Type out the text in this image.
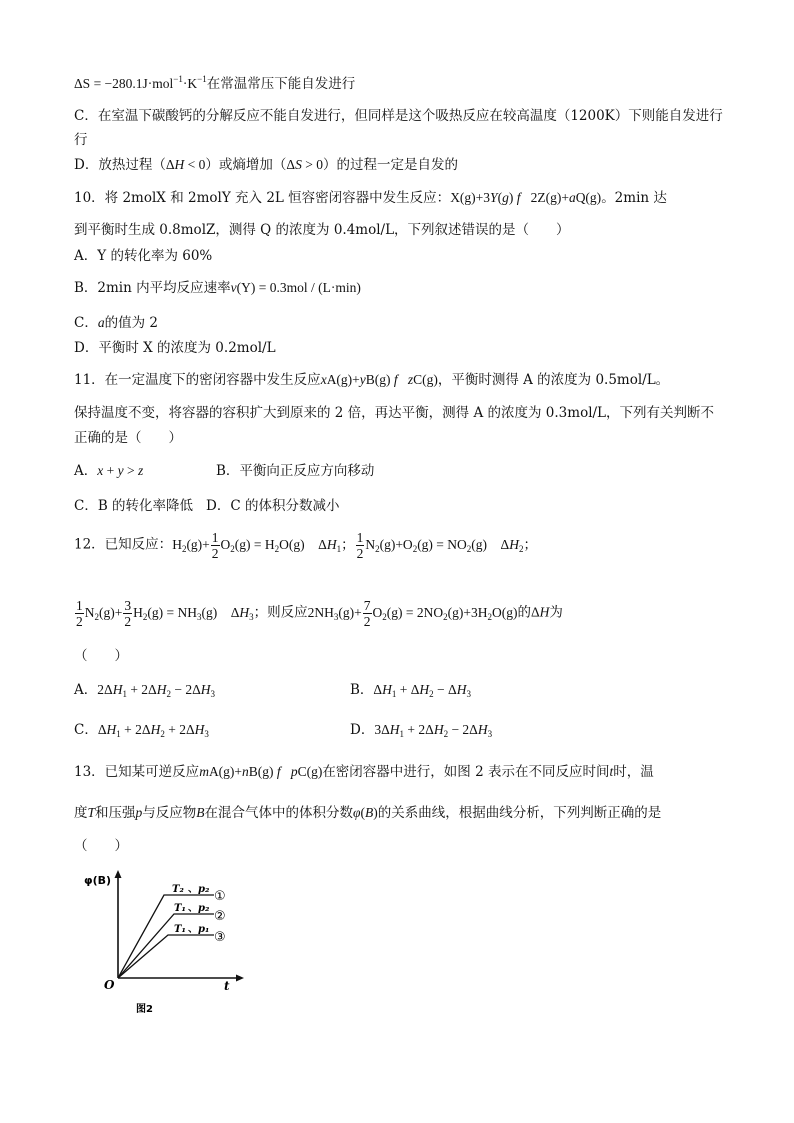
$\Delta S = -280.1J\cdot mol^{-1}\cdot K^{-1}$在常温常压下能自发进行
C．在室温下碳酸钙的分解反应不能自发进行，但同样是这个吸热反应在较高温度（1200K）下则能自发进行
行
D．放热过程（ΔH < 0）或熵增加（ΔS > 0）的过程一定是自发的
10．将 2molX 和 2molY 充入 2L 恒容密闭容器中发生反应：X(g)+3Y(g) f   2Z(g)+aQ(g)。2min 达
到平衡时生成 0.8molZ，测得 Q 的浓度为 0.4mol/L，下列叙述错误的是（　　）
A．Y 的转化率为 60%
B．2min 内平均反应速率v(Y) = 0.3mol / (L·min)
C．a的值为 2
D．平衡时 X 的浓度为 0.2mol/L
11．在一定温度下的密闭容器中发生反应xA(g)+yB(g) f zC(g)，平衡时测得 A 的浓度为 0.5mol/L。
保持温度不变，将容器的容积扩大到原来的 2 倍，再达平衡，测得 A 的浓度为 0.3mol/L，下列有关判断不
正确的是（　　）
A．x + y > z	B．平衡向正反应方向移动
C．B 的转化率降低 D．C 的体积分数减小
12．已知反应：$H_2(g)+ \frac{1}{2} O_2(g) = H_2O(g)$    $\Delta H_1$； $\frac{1}{2} N_2(g)+O_2(g) = NO_2(g)$    $\Delta H_2$；
$\frac{1}{2} N_2(g)+ \frac{3}{2} H_2(g) = NH_3(g)$    $\Delta H_3$；则反应$2NH_3(g)+ \frac{7}{2} O_2(g) = 2NO_2(g)+3H_2O(g)$的ΔH为
（　　）
A．$2\Delta H_1 + 2\Delta H_2 - 2\Delta H_3$	B．$\Delta H_1 + \Delta H_2 - \Delta H_3$
C．$\Delta H_1 + 2\Delta H_2 + 2\Delta H_3$	D．$3\Delta H_1 + 2\Delta H_2 - 2\Delta H_3$
13．已知某可逆反应mA(g)+nB(g) f pC(g)在密闭容器中进行，如图 2 表示在不同反应时间t时，温
度T和压强p与反应物B在混合气体中的体积分数φ(B)的关系曲线，根据曲线分析，下列判断正确的是
（　　）
φ(B)
t
O
T₂ 、 p₂ ①
T₁ 、 p₂
②
T₁ 、 p₁
③
图2
